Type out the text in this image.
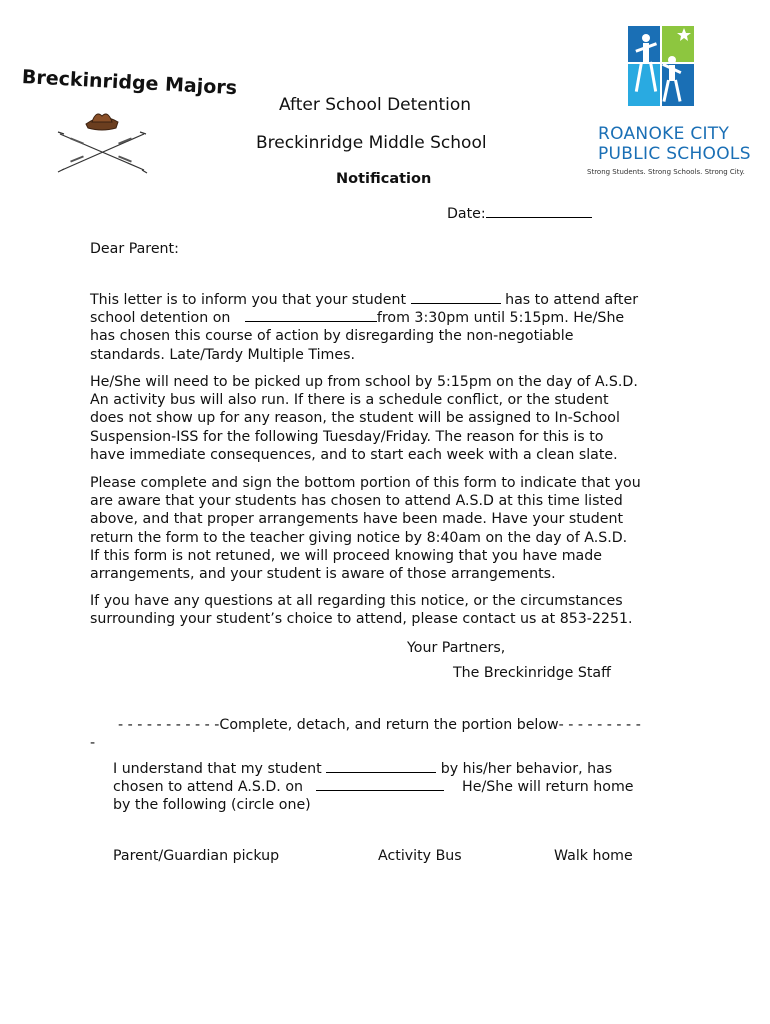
Breckinridge Majors
ROANOKE CITY
PUBLIC SCHOOLS
Strong Students. Strong Schools. Strong City.
After School Detention
Breckinridge Middle School
Notification
Date:
Dear Parent:
This letter is to inform you that your student	has to attend after
school detention on	from 3:30pm until 5:15pm. He/She
has chosen this course of action by disregarding the non-negotiable
standards. Late/Tardy Multiple Times.
He/She will need to be picked up from school by 5:15pm on the day of A.S.D.
An activity bus will also run. If there is a schedule conflict, or the student
does not show up for any reason, the student will be assigned to In-School
Suspension-ISS for the following Tuesday/Friday. The reason for this is to
have immediate consequences, and to start each week with a clean slate.
Please complete and sign the bottom portion of this form to indicate that you
are aware that your students has chosen to attend A.S.D at this time listed
above, and that proper arrangements have been made. Have your student
return the form to the teacher giving notice by 8:40am on the day of A.S.D.
If this form is not retuned, we will proceed knowing that you have made
arrangements, and your student is aware of those arrangements.
If you have any questions at all regarding this notice, or the circumstances
surrounding your student’s choice to attend, please contact us at 853-2251.
Your Partners,
The Breckinridge Staff
- - - - - - - - - - -Complete, detach, and return the portion below- - - - - - - - -
-
I understand that my student	by his/her behavior, has
chosen to attend A.S.D. on	He/She will return home
by the following (circle one)
Parent/Guardian pickup	Activity Bus	Walk home
